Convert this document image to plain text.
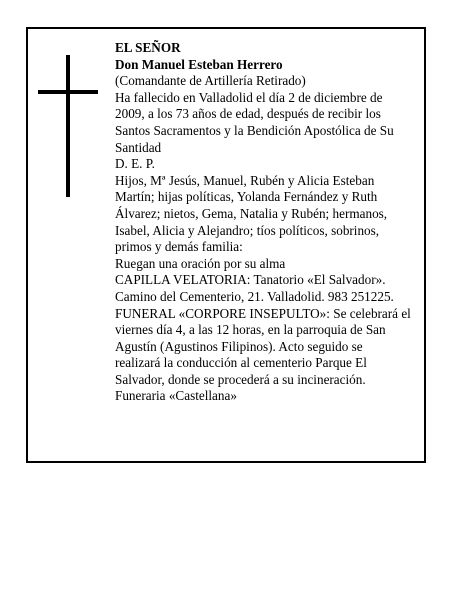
EL SEÑOR
Don Manuel Esteban Herrero
(Comandante de Artillería Retirado)
Ha fallecido en Valladolid el día 2 de diciembre de
2009, a los 73 años de edad, después de recibir los
Santos Sacramentos y la Bendición Apostólica de Su
Santidad
D. E. P.
Hijos, Mª Jesús, Manuel, Rubén y Alicia Esteban
Martín; hijas políticas, Yolanda Fernández y Ruth
Álvarez; nietos, Gema, Natalia y Rubén; hermanos,
Isabel, Alicia y Alejandro; tíos políticos, sobrinos,
primos y demás familia:
Ruegan una oración por su alma
CAPILLA VELATORIA: Tanatorio «El Salvador».
Camino del Cementerio, 21. Valladolid. 983 251225.
FUNERAL «CORPORE INSEPULTO»: Se celebrará el
viernes día 4, a las 12 horas, en la parroquia de San
Agustín (Agustinos Filipinos). Acto seguido se
realizará la conducción al cementerio Parque El
Salvador, donde se procederá a su incineración.
Funeraria «Castellana»
